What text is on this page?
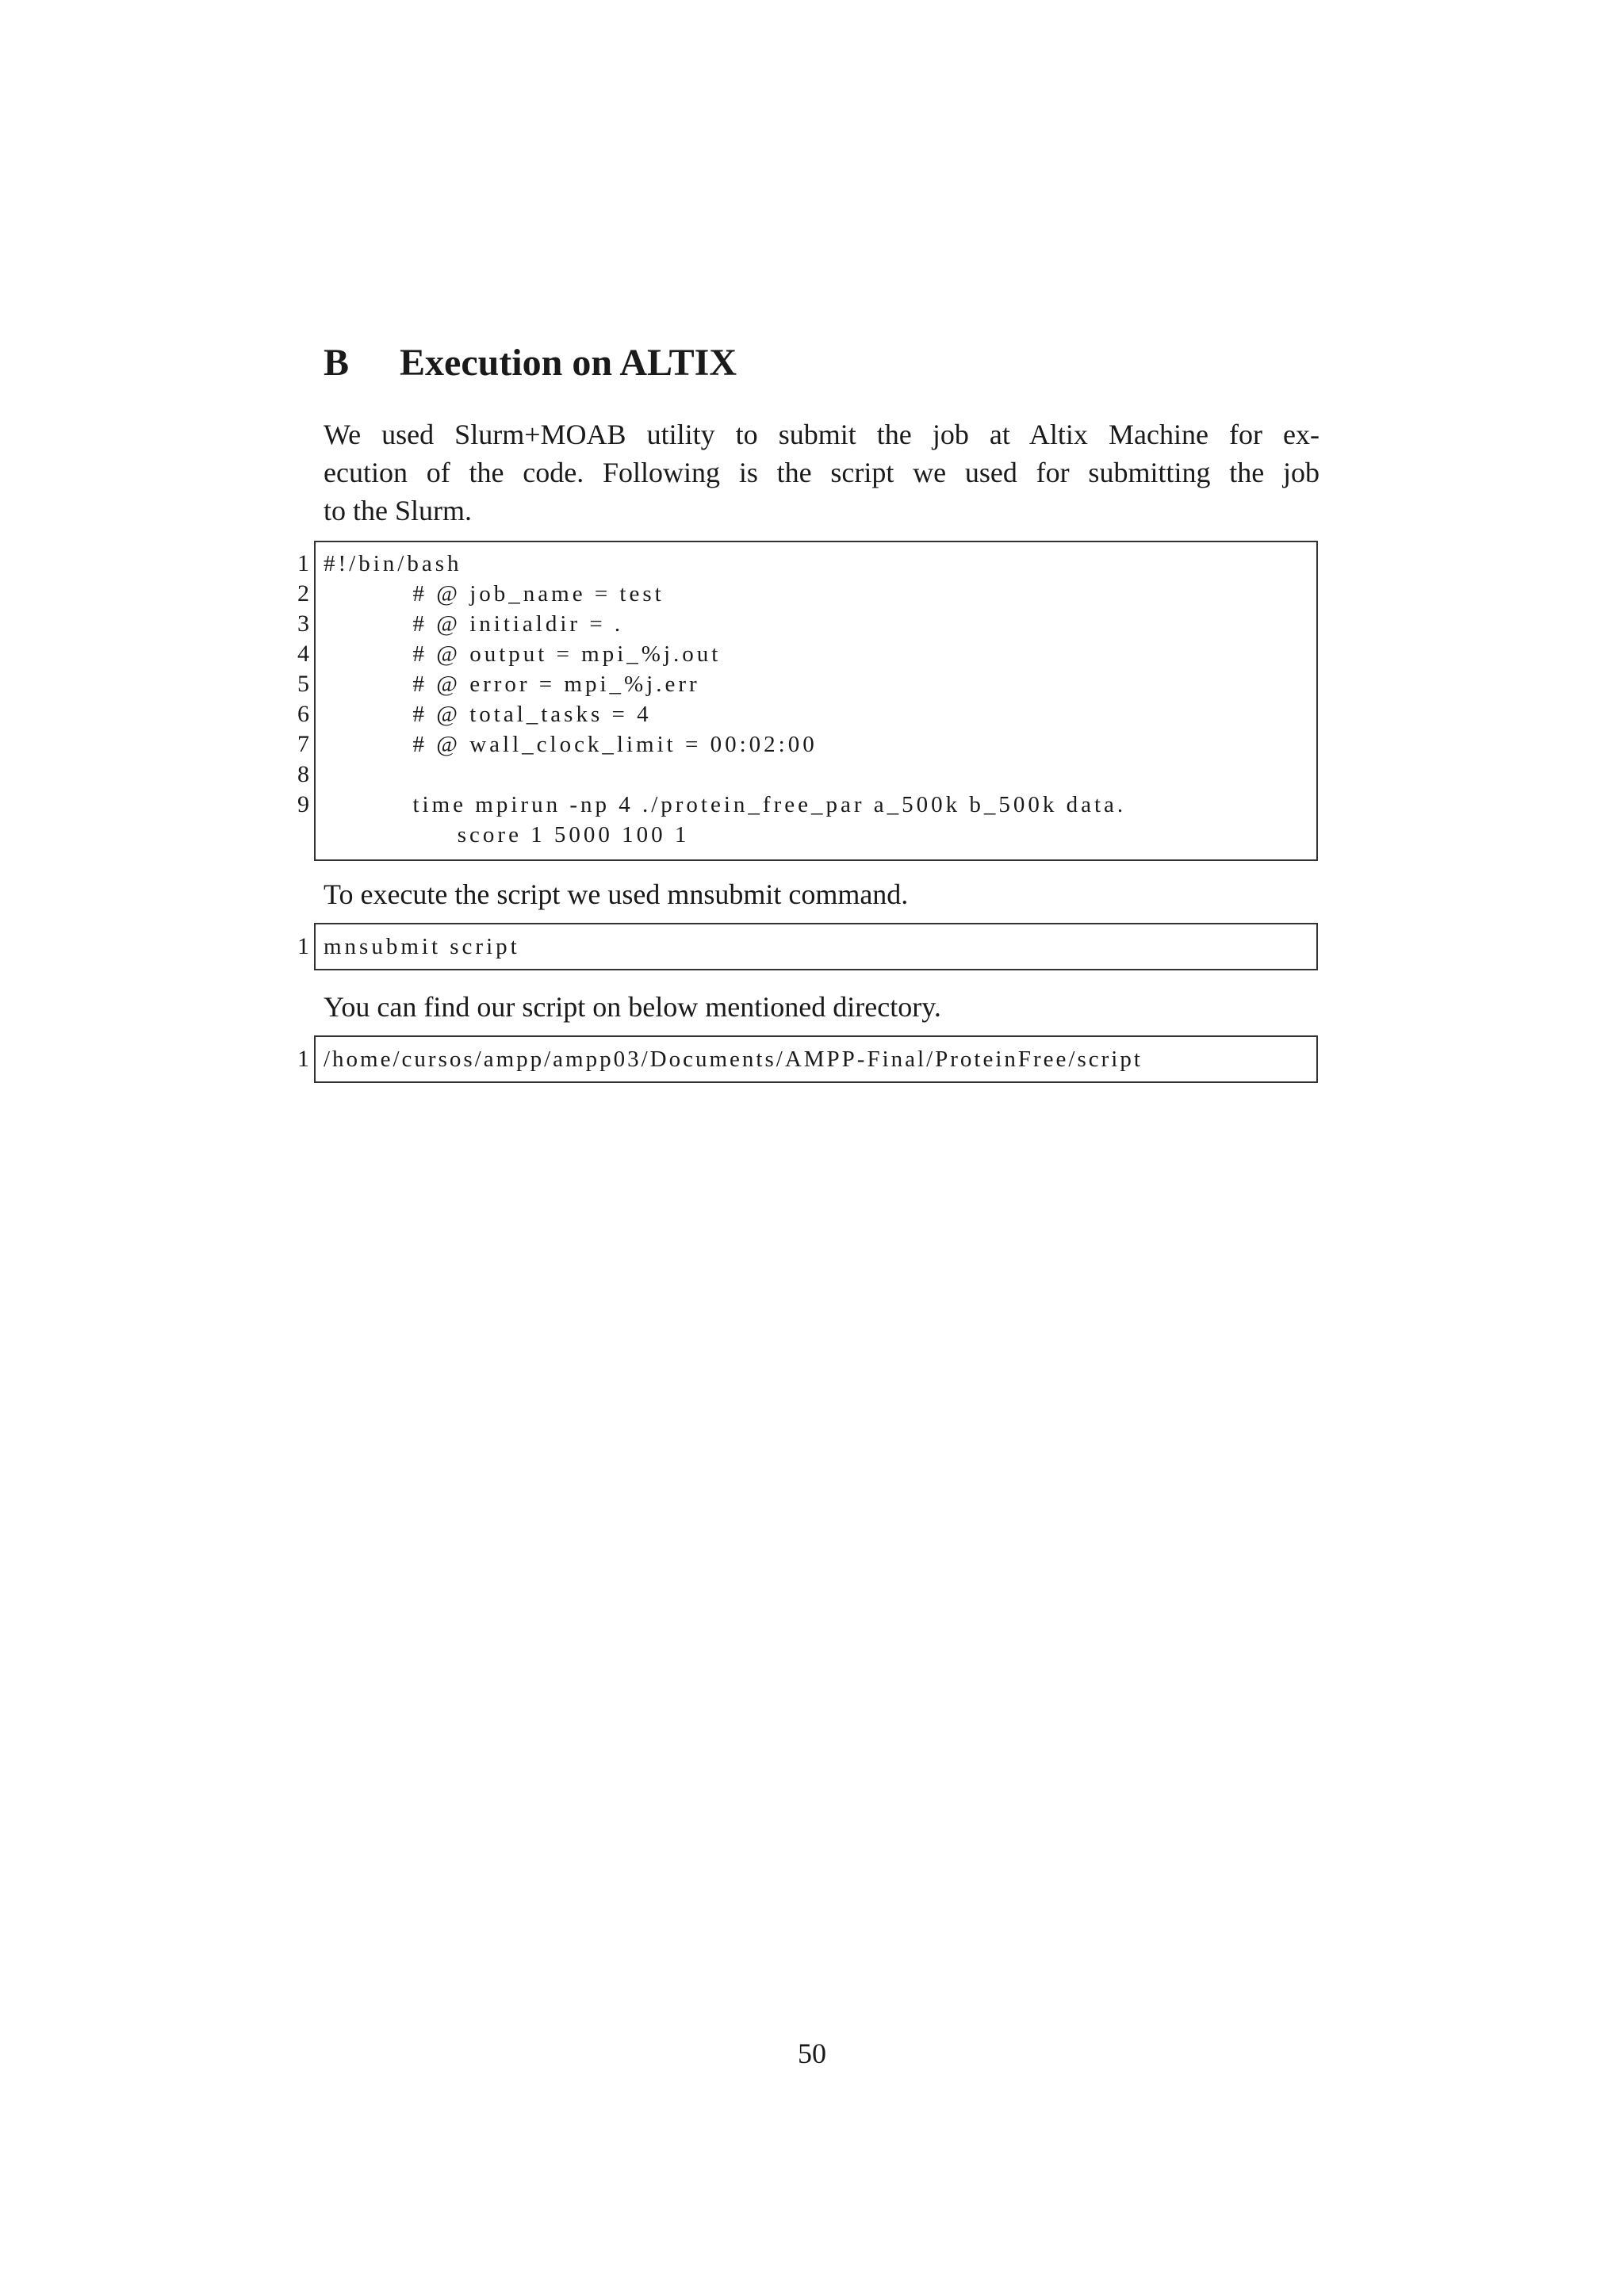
B Execution on ALTIX
We used Slurm+MOAB utility to submit the job at Altix Machine for ex-
ecution of the code. Following is the script we used for submitting the job
to the Slurm.
1 #!/bin/bash
2 # @ job_name = test
3 # @ initialdir = .
4 # @ output = mpi_%j.out
5 # @ error = mpi_%j.err
6 # @ total_tasks = 4
7 # @ wall_clock_limit = 00:02:00
8
9 time mpirun -np 4 ./protein_free_par a_500k b_500k data.
score 1 5000 100 1

To execute the script we used mnsubmit command.

1 mnsubmit script

You can find our script on below mentioned directory.

1 /home/cursos/ampp/ampp03/Documents/AMPP-Final/ProteinFree/script
50
